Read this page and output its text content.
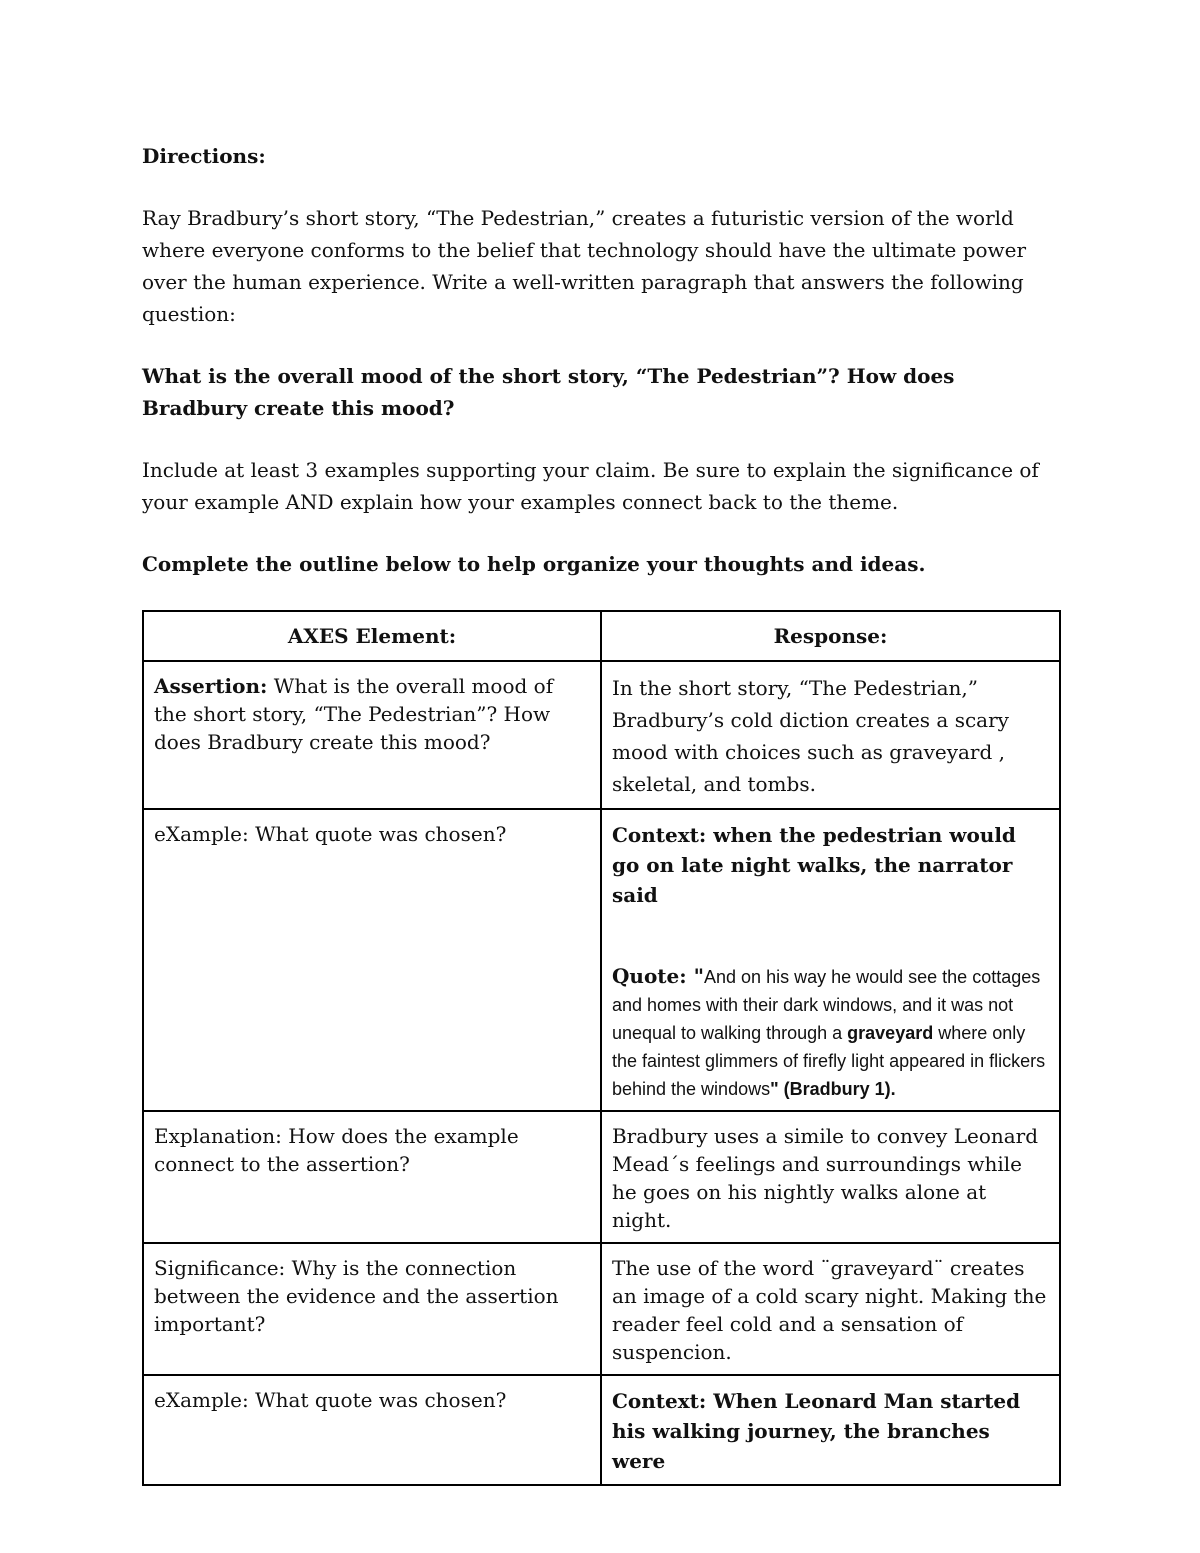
Directions:

Ray Bradbury’s short story, “The Pedestrian,” creates a futuristic version of the world where everyone conforms to the belief that technology should have the ultimate power over the human experience. Write a well-written paragraph that answers the following question:

What is the overall mood of the short story, “The Pedestrian”? How does Bradbury create this mood?

Include at least 3 examples supporting your claim. Be sure to explain the significance of your example AND explain how your examples connect back to the theme.

Complete the outline below to help organize your thoughts and ideas.

AXES Element:	Response:
Assertion: What is the overall mood of the short story, “The Pedestrian”? How does Bradbury create this mood?	In the short story, “The Pedestrian,” Bradbury’s cold diction creates a scary mood with choices such as graveyard , skeletal, and tombs.
eXample: What quote was chosen?	Context: when the pedestrian would go on late night walks, the narrator said
Quote: "And on his way he would see the cottages and homes with their dark windows, and it was not unequal to walking through a graveyard where only the faintest glimmers of firefly light appeared in flickers behind the windows" (Bradbury 1).

Explanation: How does the example connect to the assertion?	Bradbury uses a simile to convey Leonard Mead´s feelings and surroundings while he goes on his nightly walks alone at night.
Significance: Why is the connection between the evidence and the assertion important?	The use of the word ¨graveyard¨ creates an image of a cold scary night. Making the reader feel cold and a sensation of suspencion.
eXample: What quote was chosen?	Context: When Leonard Man started his walking journey, the branches were
